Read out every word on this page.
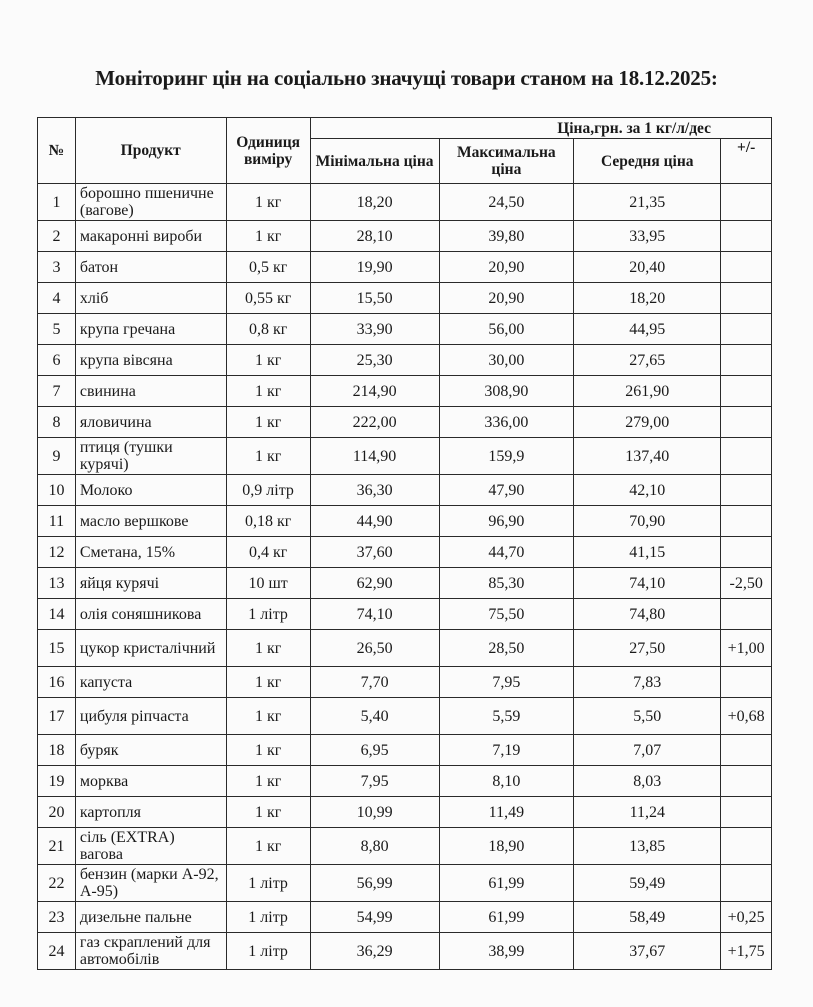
Моніторинг цін на соціально значущі товари станом на 18.12.2025:
№	Продукт	Одиниця виміру	Ціна,грн. за 1 кг/л/дес			
			Мінімальна ціна	Максимальна ціна	Середня ціна	+/-
1	борошно пшеничне (вагове)	1 кг	18,20	24,50	21,35	
2	макаронні вироби	1 кг	28,10	39,80	33,95	
3	батон	0,5 кг	19,90	20,90	20,40	
4	хліб	0,55 кг	15,50	20,90	18,20	
5	крупа гречана	0,8 кг	33,90	56,00	44,95	
6	крупа вівсяна	1 кг	25,30	30,00	27,65	
7	свинина	1 кг	214,90	308,90	261,90	
8	яловичина	1 кг	222,00	336,00	279,00	
9	птиця (тушки курячі)	1 кг	114,90	159,9	137,40	
10	Молоко	0,9 літр	36,30	47,90	42,10	
11	масло вершкове	0,18 кг	44,90	96,90	70,90	
12	Сметана, 15%	0,4 кг	37,60	44,70	41,15	
13	яйця курячі	10 шт	62,90	85,30	74,10	-2,50
14	олія соняшникова	1 літр	74,10	75,50	74,80	
15	цукор кристалічний	1 кг	26,50	28,50	27,50	+1,00
16	капуста	1 кг	7,70	7,95	7,83	
17	цибуля ріпчаста	1 кг	5,40	5,59	5,50	+0,68
18	буряк	1 кг	6,95	7,19	7,07	
19	морква	1 кг	7,95	8,10	8,03	
20	картопля	1 кг	10,99	11,49	11,24	
21	сіль (EXTRA) вагова	1 кг	8,80	18,90	13,85	
22	бензин (марки А-92, А-95)	1 літр	56,99	61,99	59,49	
23	дизельне пальне	1 літр	54,99	61,99	58,49	+0,25
24	газ скраплений для автомобілів	1 літр	36,29	38,99	37,67	+1,75
